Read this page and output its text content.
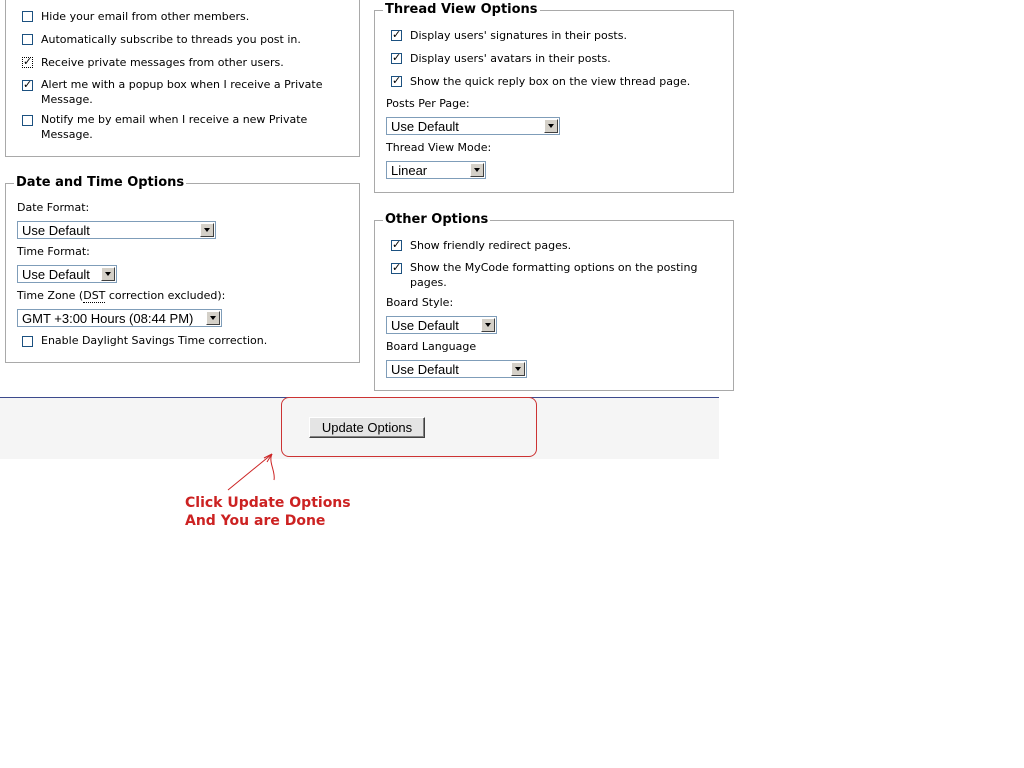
Hide your email from other members.
Automatically subscribe to threads you post in.
✓
Receive private messages from other users.
✓
Alert me with a popup box when I receive a Private Message.
Notify me by email when I receive a new Private Message.
Date and Time Options
Date Format:
Use Default
Time Format:
Use Default
Time Zone (DST correction excluded):
GMT +3:00 Hours (08:44 PM)
Enable Daylight Savings Time correction.
Thread View Options
✓
Display users' signatures in their posts.
✓
Display users' avatars in their posts.
✓
Show the quick reply box on the view thread page.
Posts Per Page:
Use Default
Thread View Mode:
Linear
Other Options
✓
Show friendly redirect pages.
✓
Show the MyCode formatting options on the posting pages.
Board Style:
Use Default
Board Language
Use Default
Update Options
Click Update Options
And You are Done
